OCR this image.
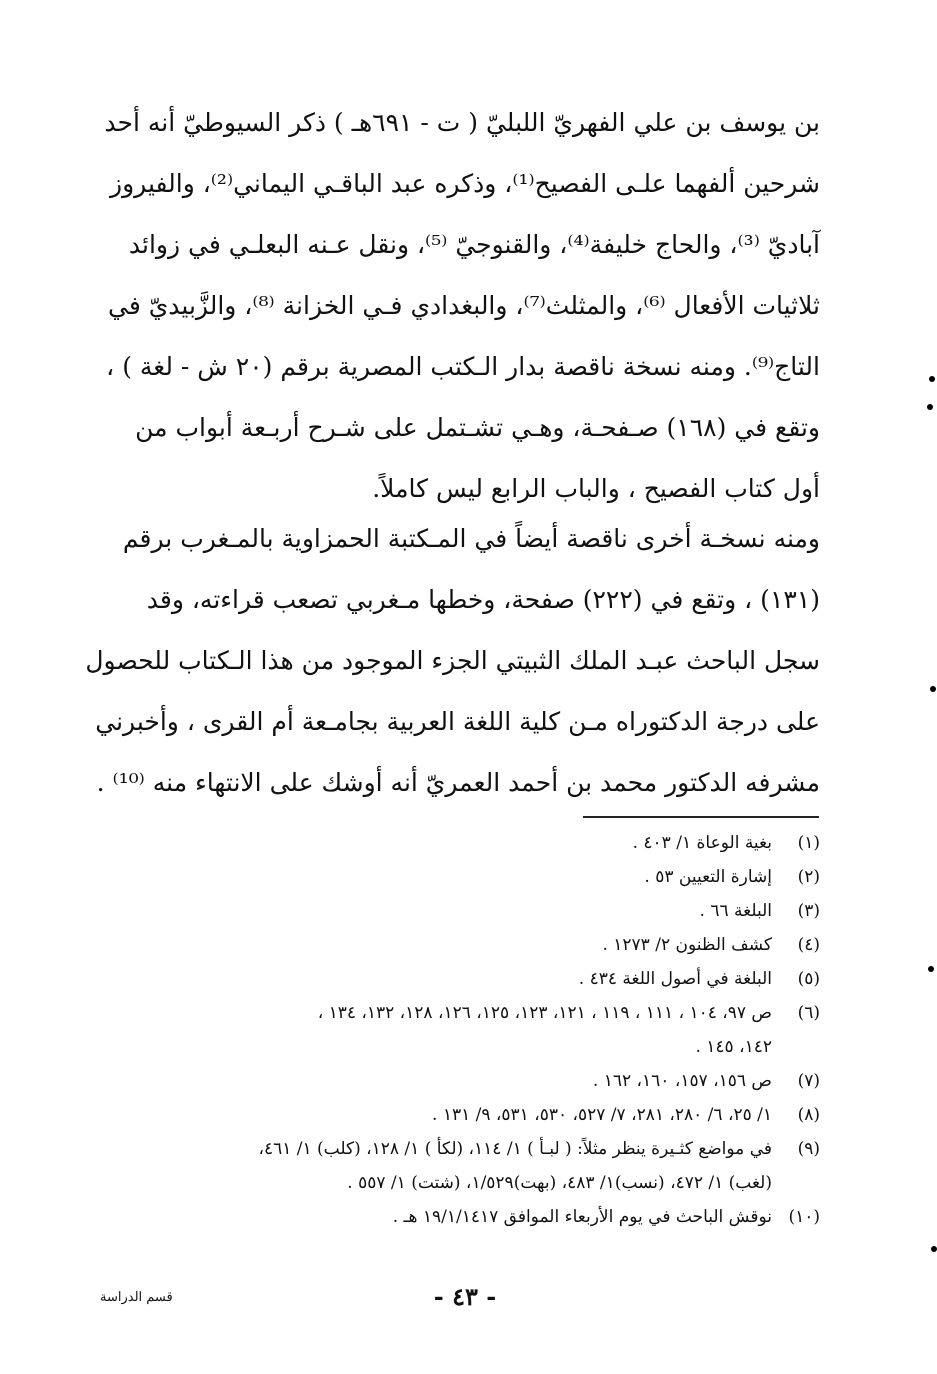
بن يوسف بن علي الفهريّ اللبليّ ( ت - ٦٩١هـ ) ذكر السيوطيّ أنه أحد
شرحين ألفهما علـى الفصيح⁽¹⁾، وذكره عبد الباقـي اليماني⁽²⁾، والفيروز
آباديّ ⁽³⁾، والحاج خليفة⁽⁴⁾، والقنوجيّ ⁽⁵⁾، ونقل عـنه البعلـي في زوائد
ثلاثيات الأفعال ⁽⁶⁾، والمثلث⁽⁷⁾، والبغدادي فـي الخزانة ⁽⁸⁾، والزَّبيديّ في
التاج⁽⁹⁾. ومنه نسخة ناقصة بدار الـكتب المصرية برقم (٢٠ ش - لغة ) ،
وتقع في (١٦٨) صـفحـة، وهـي تشـتمل على شـرح أربـعة أبواب من
أول كتاب الفصيح ، والباب الرابع ليس كاملاً.
ومنه نسخـة أخرى ناقصة أيضاً في المـكتبة الحمزاوية بالمـغرب برقم
(١٣١) ، وتقع في (٢٢٢) صفحة، وخطها مـغربي تصعب قراءته، وقد
سجل الباحث عبـد الملك الثبيتي الجزء الموجود من هذا الـكتاب للحصول
على درجة الدكتوراه مـن كلية اللغة العربية بجامـعة أم القرى ، وأخبرني
مشرفه الدكتور محمد بن أحمد العمريّ أنه أوشك على الانتهاء منه ⁽¹⁰⁾ .
(١)
بغية الوعاة ١/ ٤٠٣ .
(٢)
إشارة التعيين ٥٣ .
(٣)
البلغة ٦٦ .
(٤)
كشف الظنون ٢/ ١٢٧٣ .
(٥)
البلغة في أصول اللغة ٤٣٤ .
(٦)
ص ٩٧، ١٠٤ ، ١١١ ، ١١٩ ، ١٢١، ١٢٣، ١٢٥، ١٢٦، ١٢٨، ١٣٢، ١٣٤ ،
١٤٢، ١٤٥ .
(٧)
ص ١٥٦، ١٥٧، ١٦٠، ١٦٢ .
(٨)
١/ ٢٥، ٦/ ٢٨٠، ٢٨١، ٧/ ٥٢٧، ٥٣٠، ٥٣١، ٩/ ١٣١ .
(٩)
في مواضع كثـيرة ينظر مثلاً: ( لبـأ ) ١/ ١١٤، (لكأ ) ١/ ١٢٨، (كلب) ١/ ٤٦١،
(لغب) ١/ ٤٧٢، (نسب)١/ ٤٨٣، (بهت)١/٥٢٩، (شتت) ١/ ٥٥٧ .
(١٠)
نوقش الباحث في يوم الأربعاء الموافق ١٩/١/١٤١٧ هـ .
- ٤٣ -
قسم الدراسة
